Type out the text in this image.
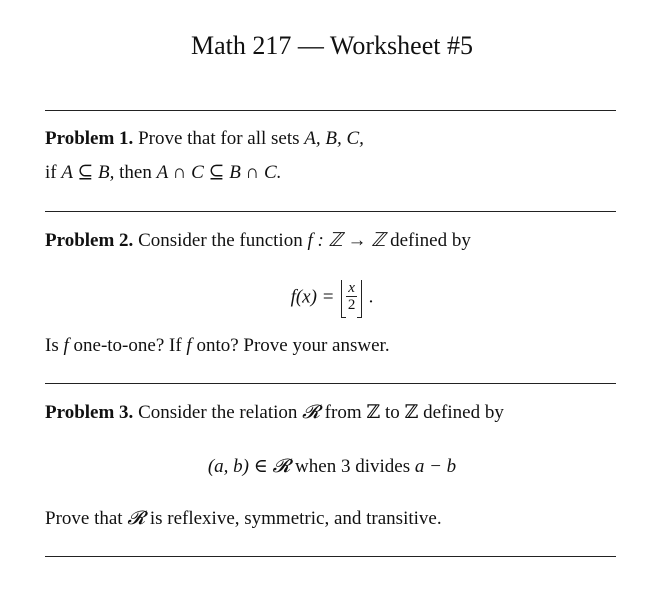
Math 217 — Worksheet #5
Problem 1. Prove that for all sets A, B, C,
if A ⊆ B, then A ∩ C ⊆ B ∩ C.
Problem 2. Consider the function f : ℤ → ℤ defined by
$f(x) = \frac{x}{2}$ .
Is f one-to-one? If f onto? Prove your answer.
Problem 3. Consider the relation 𝓡 from ℤ to ℤ defined by
(a, b) ∈ 𝓡 when 3 divides a − b
Prove that 𝓡 is reflexive, symmetric, and transitive.
